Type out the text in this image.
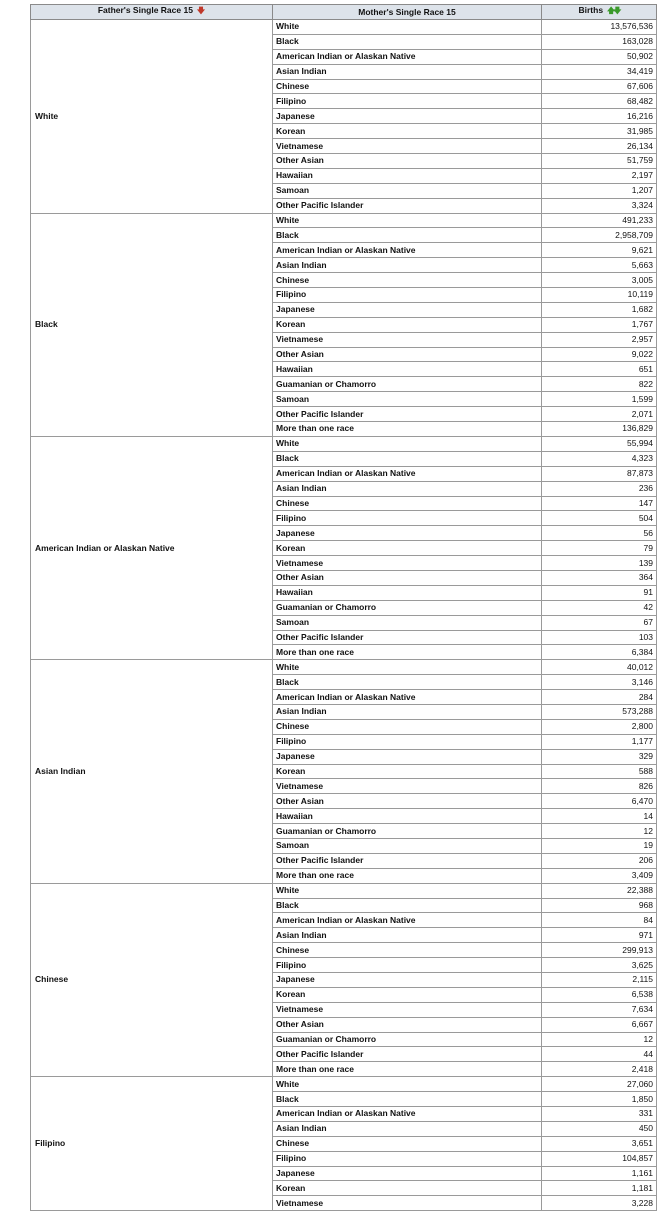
Father's Single Race 15 🡇	Mother's Single Race 15	Births 🡅🡇
White	White	13,576,536
	Black	163,028
	American Indian or Alaskan Native	50,902
	Asian Indian	34,419
	Chinese	67,606
	Filipino	68,482
	Japanese	16,216
	Korean	31,985
	Vietnamese	26,134
	Other Asian	51,759
	Hawaiian	2,197
	Samoan	1,207
	Other Pacific Islander	3,324
Black	White	491,233
	Black	2,958,709
	American Indian or Alaskan Native	9,621
	Asian Indian	5,663
	Chinese	3,005
	Filipino	10,119
	Japanese	1,682
	Korean	1,767
	Vietnamese	2,957
	Other Asian	9,022
	Hawaiian	651
	Guamanian or Chamorro	822
	Samoan	1,599
	Other Pacific Islander	2,071
	More than one race	136,829
American Indian or Alaskan Native	White	55,994
	Black	4,323
	American Indian or Alaskan Native	87,873
	Asian Indian	236
	Chinese	147
	Filipino	504
	Japanese	56
	Korean	79
	Vietnamese	139
	Other Asian	364
	Hawaiian	91
	Guamanian or Chamorro	42
	Samoan	67
	Other Pacific Islander	103
	More than one race	6,384
Asian Indian	White	40,012
	Black	3,146
	American Indian or Alaskan Native	284
	Asian Indian	573,288
	Chinese	2,800
	Filipino	1,177
	Japanese	329
	Korean	588
	Vietnamese	826
	Other Asian	6,470
	Hawaiian	14
	Guamanian or Chamorro	12
	Samoan	19
	Other Pacific Islander	206
	More than one race	3,409
Chinese	White	22,388
	Black	968
	American Indian or Alaskan Native	84
	Asian Indian	971
	Chinese	299,913
	Filipino	3,625
	Japanese	2,115
	Korean	6,538
	Vietnamese	7,634
	Other Asian	6,667
	Guamanian or Chamorro	12
	Other Pacific Islander	44
	More than one race	2,418
Filipino	White	27,060
	Black	1,850
	American Indian or Alaskan Native	331
	Asian Indian	450
	Chinese	3,651
	Filipino	104,857
	Japanese	1,161
	Korean	1,181
	Vietnamese	3,228
